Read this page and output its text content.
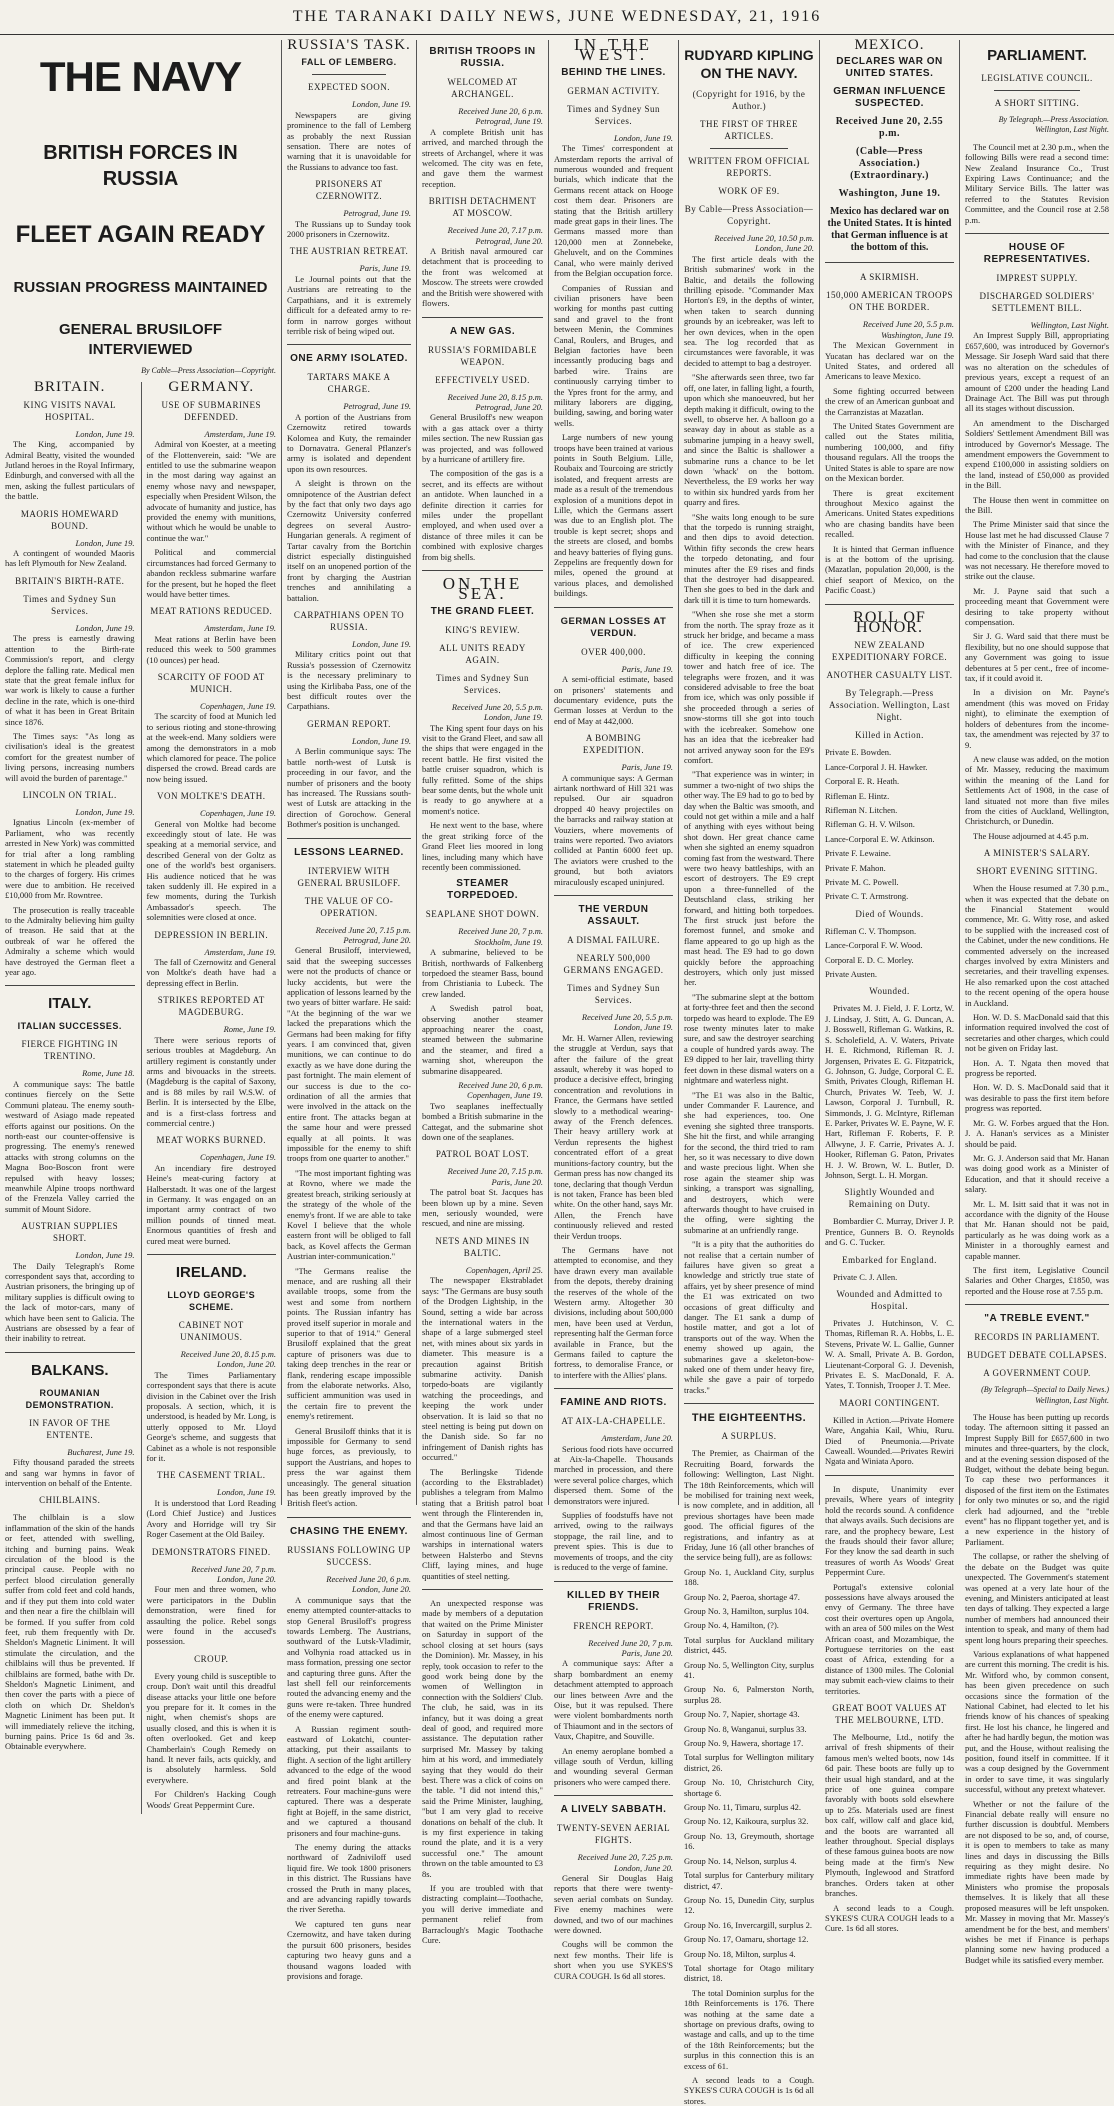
THE TARANAKI DAILY NEWS, JUNE WEDNESDAY, 21, 1916
THE NAVY
BRITISH FORCES IN RUSSIA
FLEET AGAIN READY
RUSSIAN PROGRESS MAINTAINED
GENERAL BRUSILOFF INTERVIEWED
By Cable—Press Association—Copyright.
BRITAIN.
KING VISITS NAVAL HOSPITAL.
London, June 19.

The King, accompanied by Admiral Beatty, visited the wounded Jutland heroes in the Royal Infirmary, Edinburgh, and conversed with all the men, asking the fullest particulars of the battle.

MAORIS HOMEWARD BOUND.
London, June 19.

A contingent of wounded Maoris has left Plymouth for New Zealand.

BRITAIN'S BIRTH-RATE.
Times and Sydney Sun Services.
London, June 19.

The press is earnestly drawing attention to the Birth-rate Commission's report, and clergy deplore the falling rate. Medical men state that the great female influx for war work is likely to cause a further decline in the rate, which is one-third of what it has been in Great Britain since 1876.

The Times says: "As long as civilisation's ideal is the greatest comfort for the greatest number of living persons, increasing numbers will avoid the burden of parentage."

LINCOLN ON TRIAL.
London, June 19.

Ignatius Lincoln (ex-member of Parliament, who was recently arrested in New York) was committed for trial after a long rambling statement in which he pleaded guilty to the charges of forgery. His crimes were due to ambition. He received £10,000 from Mr. Rowntree.

The prosecution is really traceable to the Admiralty believing him guilty of treason. He said that at the outbreak of war he offered the Admiralty a scheme which would have destroyed the German fleet a year ago.

ITALY.
ITALIAN SUCCESSES.
FIERCE FIGHTING IN TRENTINO.
Rome, June 18.

A communique says: The battle continues fiercely on the Sette Communi plateau. The enemy south-westward of Asiago made repeated efforts against our positions. On the north-east our counter-offensive is progressing. The enemy's renewed attacks with strong columns on the Magna Boo-Boscon front were repulsed with heavy losses; meanwhile Alpine troops northward of the Frenzela Valley carried the summit of Mount Sidore.

AUSTRIAN SUPPLIES SHORT.
London, June 19.

The Daily Telegraph's Rome correspondent says that, according to Austrian prisoners, the bringing up of military supplies is difficult owing to the lack of motor-cars, many of which have been sent to Galicia. The Austrians are obsessed by a fear of their inability to retreat.

BALKANS.
ROUMANIAN DEMONSTRATION.
IN FAVOR OF THE ENTENTE.
Bucharest, June 19.

Fifty thousand paraded the streets and sang war hymns in favor of intervention on behalf of the Entente.

CHILBLAINS.

The chilblain is a slow inflammation of the skin of the hands or feet, attended with swelling, itching and burning pains. Weak circulation of the blood is the principal cause. People with no perfect blood circulation generally suffer from cold feet and cold hands, and if they put them into cold water and then near a fire the chilblain will be formed. If you suffer from cold feet, rub them frequently with Dr. Sheldon's Magnetic Liniment. It will stimulate the circulation, and the chilblains will thus be prevented. If chilblains are formed, bathe with Dr. Sheldon's Magnetic Liniment, and then cover the parts with a piece of cloth on which Dr. Sheldon's Magnetic Liniment has been put. It will immediately relieve the itching, burning pains. Price 1s 6d and 3s. Obtainable everywhere.

GERMANY.
USE OF SUBMARINES DEFENDED.
Amsterdam, June 19.

Admiral von Koester, at a meeting of the Flottenverein, said: "We are entitled to use the submarine weapon in the most daring way against an enemy whose navy and newspaper, especially when President Wilson, the advocate of humanity and justice, has provided the enemy with munitions, without which he would be unable to continue the war."

Political and commercial circumstances had forced Germany to abandon reckless submarine warfare for the present, but he hoped the fleet would have better times.

MEAT RATIONS REDUCED.
Amsterdam, June 19.

Meat rations at Berlin have been reduced this week to 500 grammes (10 ounces) per head.

SCARCITY OF FOOD AT MUNICH.
Copenhagen, June 19.

The scarcity of food at Munich led to serious rioting and stone-throwing at the week-end. Many soldiers were among the demonstrators in a mob which clamored for peace. The police dispersed the crowd. Bread cards are now being issued.

VON MOLTKE'S DEATH.
Copenhagen, June 19.

General von Moltke had become exceedingly stout of late. He was speaking at a memorial service, and described General von der Goltz as one of the world's best organisers. His audience noticed that he was taken suddenly ill. He expired in a few moments, during the Turkish Ambassador's speech. The solemnities were closed at once.

DEPRESSION IN BERLIN.
Amsterdam, June 19.

The fall of Czernowitz and General von Moltke's death have had a depressing effect in Berlin.

STRIKES REPORTED AT MAGDEBURG.
Rome, June 19.

There were serious reports of serious troubles at Magdeburg. An artillery regiment is constantly under arms and bivouacks in the streets. (Magdeburg is the capital of Saxony, and is 88 miles by rail W.S.W. of Berlin. It is intersected by the Elbe, and is a first-class fortress and commercial centre.)

MEAT WORKS BURNED.
Copenhagen, June 19.

An incendiary fire destroyed Heine's meat-curing factory at Halberstadt. It was one of the largest in Germany. It was engaged on an important army contract of two million pounds of tinned meat. Enormous quantities of fresh and cured meat were burned.

IRELAND.
LLOYD GEORGE'S SCHEME.
CABINET NOT UNANIMOUS.
Received June 20, 8.15 p.m.
London, June 20.

The Times Parliamentary correspondent says that there is acute division in the Cabinet over the Irish proposals. A section, which, it is understood, is headed by Mr. Long, is utterly opposed to Mr. Lloyd George's scheme, and suggests that Cabinet as a whole is not responsible for it.

THE CASEMENT TRIAL.
London, June 19.

It is understood that Lord Reading (Lord Chief Justice) and Justices Avory and Horridge will try Sir Roger Casement at the Old Bailey.

DEMONSTRATORS FINED.
Received June 20, 7 p.m.
London, June 20.

Four men and three women, who were participators in the Dublin demonstration, were fined for assaulting the police. Rebel songs were found in the accused's possession.

CROUP.

Every young child is susceptible to croup. Don't wait until this dreadful disease attacks your little one before you prepare for it. It comes in the night, when chemist's shops are usually closed, and this is when it is often overlooked. Get and keep Chamberlain's Cough Remedy on hand. It never fails, acts quickly, and is absolutely harmless. Sold everywhere.

For Children's Hacking Cough Woods' Great Peppermint Cure.

RUSSIA'S TASK.
FALL OF LEMBERG.
EXPECTED SOON.
London, June 19.

Newspapers are giving prominence to the fall of Lemberg as probably the next Russian sensation. There are notes of warning that it is unavoidable for the Russians to advance too fast.

PRISONERS AT CZERNOWITZ.
Petrograd, June 19.

The Russians up to Sunday took 2000 prisoners in Czernowitz.

THE AUSTRIAN RETREAT.
Paris, June 19.

Le Journal points out that the Austrians are retreating to the Carpathians, and it is extremely difficult for a defeated army to re-form in narrow gorges without terrible risk of being wiped out.

ONE ARMY ISOLATED.
TARTARS MAKE A CHARGE.
Petrograd, June 19.

A portion of the Austrians from Czernowitz retired towards Kolomea and Kuty, the remainder to Dornavatra. General Pflanzer's army is isolated and dependent upon its own resources.

A sleight is thrown on the omnipotence of the Austrian defect by the fact that only two days ago Czernowitz University conferred degrees on several Austro-Hungarian generals. A regiment of Tartar cavalry from the Bortchin district especially distinguished itself on an unopened portion of the front by charging the Austrian trenches and annihilating a battalion.

CARPATHIANS OPEN TO RUSSIA.
London, June 19.

Military critics point out that Russia's possession of Czernowitz is the necessary preliminary to using the Kirlibaba Pass, one of the best difficult routes over the Carpathians.

GERMAN REPORT.
London, June 19.

A Berlin communique says: The battle north-west of Lutsk is proceeding in our favor, and the number of prisoners and the booty has increased. The Russians south-west of Lutsk are attacking in the direction of Gorochow. General Bothmer's position is unchanged.

LESSONS LEARNED.
INTERVIEW WITH GENERAL BRUSILOFF.
THE VALUE OF CO-OPERATION.
Received June 20, 7.15 p.m.
Petrograd, June 20.

General Brusiloff, interviewed, said that the sweeping successes were not the products of chance or lucky accidents, but were the application of lessons learned by the two years of bitter warfare. He said: "At the beginning of the war we lacked the preparations which the Germans had been making for fifty years. I am convinced that, given munitions, we can continue to do exactly as we have done during the past fortnight. The main element of our success is due to the co-ordination of all the armies that were involved in the attack on the entire front. The attacks began at the same hour and were pressed equally at all points. It was impossible for the enemy to shift troops from one quarter to another."

"The most important fighting was at Rovno, where we made the greatest breach, striking seriously at the strategy of the whole of the enemy's front. If we are able to take Kovel I believe that the whole eastern front will be obliged to fall back, as Kovel affects the German Austrian inter-communication."

"The Germans realise the menace, and are rushing all their available troops, some from the west and some from northern points. The Russian infantry has proved itself superior in morale and superior to that of 1914." General Brusiloff explained that the great capture of prisoners was due to taking deep trenches in the rear or flank, rendering escape impossible from the elaborate networks. Also, sufficient ammunition was used in the certain fire to prevent the enemy's retirement.

General Brusiloff thinks that it is impossible for Germany to send huge forces, as previously, to support the Austrians, and hopes to press the war against them unceasingly. The general situation has been greatly improved by the British fleet's action.

CHASING THE ENEMY.
RUSSIANS FOLLOWING UP SUCCESS.
Received June 20, 6 p.m.
London, June 20.

A communique says that the enemy attempted counter-attacks to stop General Brusiloff's progress towards Lemberg. The Austrians, southward of the Lutsk-Vladimir, and Volhynia road attacked us in mass formation, pressing one sector and capturing three guns. After the last shell fell our reinforcements routed the advancing enemy and the guns were re-taken. Three hundred of the enemy were captured.

A Russian regiment south-eastward of Lokatchi, counter-attacking, put their assailants to flight. A section of the light artillery advanced to the edge of the wood and fired point blank at the retreaters. Four machine-guns were captured. There was a desperate fight at Bojeff, in the same district, and we captured a thousand prisoners and four machine-guns.

The enemy during the attacks northward of Zadniviloff used liquid fire. We took 1800 prisoners in this district. The Russians have crossed the Pruth in many places, and are advancing rapidly towards the river Seretha.

We captured ten guns near Czernowitz, and have taken during the pursuit 600 prisoners, besides capturing two heavy guns and a thousand wagons loaded with provisions and forage.

BRITISH TROOPS IN RUSSIA.
WELCOMED AT ARCHANGEL.
Received June 20, 6 p.m.
Petrograd, June 19.

A complete British unit has arrived, and marched through the streets of Archangel, where it was welcomed. The city was en fete, and gave them the warmest reception.

BRITISH DETACHMENT AT MOSCOW.
Received June 20, 7.17 p.m.
Petrograd, June 20.

A British naval armoured car detachment that is proceeding to the front was welcomed at Moscow. The streets were crowded and the British were showered with flowers.

A NEW GAS.
RUSSIA'S FORMIDABLE WEAPON.
EFFECTIVELY USED.
Received June 20, 8.15 p.m.
Petrograd, June 20.

General Brusiloff's new weapon with a gas attack over a thirty miles section. The new Russian gas was projected, and was followed by a hurricane of artillery fire.

The composition of the gas is a secret, and its effects are without an antidote. When launched in a definite direction it carries for miles under the propellant employed, and when used over a distance of three miles it can be combined with explosive charges from big shells.

ON THE SEA.
THE GRAND FLEET.
KING'S REVIEW.
ALL UNITS READY AGAIN.
Times and Sydney Sun Services.
Received June 20, 5.5 p.m.
London, June 19.

The King spent four days on his visit to the Grand Fleet, and saw all the ships that were engaged in the recent battle. He first visited the battle cruiser squadron, which is fully refitted. Some of the ships bear some dents, but the whole unit is ready to go anywhere at a moment's notice.

He next went to the base, where the great striking force of the Grand Fleet lies moored in long lines, including many which have recently been commissioned.

STEAMER TORPEDOED.
SEAPLANE SHOT DOWN.
Received June 20, 7 p.m.
Stockholm, June 19.

A submarine, believed to be British, northwards of Falkenberg torpedoed the steamer Bass, bound from Christiania to Lubeck. The crew landed.

A Swedish patrol boat, observing another steamer approaching nearer the coast, steamed between the submarine and the steamer, and fired a warning shot, whereupon the submarine disappeared.

Received June 20, 6 p.m.
Copenhagen, June 19.

Two seaplanes ineffectually bombed a British submarine in the Cattegat, and the submarine shot down one of the seaplanes.

PATROL BOAT LOST.
Received June 20, 7.15 p.m.
Paris, June 20.

The patrol boat St. Jacques has been blown up by a mine. Seven men, seriously wounded, were rescued, and nine are missing.

NETS AND MINES IN BALTIC.
Copenhagen, April 25.

The newspaper Ekstrabladet says: "The Germans are busy south of the Drodgen Lightship, in the Sound, setting a wide bar across the international waters in the shape of a large submerged steel net, with mines about six yards in diameter. This measure is a precaution against British submarine activity. Danish torpedo-boats are vigilantly watching the proceedings, and keeping the work under observation. It is laid so that no steel netting is being put down on the Danish side. So far no infringement of Danish rights has occurred."

The Berlingske Tidende (according to the Ekstrabladet) publishes a telegram from Malmo stating that a British patrol boat went through the Flinterenden in, and that the Germans have laid an almost continuous line of German warships in international waters between Halsterbo and Stevns Cliff, laying mines, and huge quantities of steel netting.

An unexpected response was made by members of a deputation that waited on the Prime Minister on Saturday in support of the school closing at set hours (says the Dominion). Mr. Massey, in his reply, took occasion to refer to the good work being done by the women of Wellington in connection with the Soldiers' Club. The club, he said, was in its infancy, but it was doing a great deal of good, and required more assistance. The deputation rather surprised Mr. Massey by taking him at his word, and immediately saying that they would do their best. There was a click of coins on the table. "I did not intend this," said the Prime Minister, laughing, "but I am very glad to receive donations on behalf of the club. It is my first experience in taking round the plate, and it is a very successful one." The amount thrown on the table amounted to £3 8s.

If you are troubled with that distracting complaint—Toothache, you will derive immediate and permanent relief from Barraclough's Magic Toothache Cure.

IN THE WEST.
BEHIND THE LINES.
GERMAN ACTIVITY.
Times and Sydney Sun Services.
London, June 19.

The Times' correspondent at Amsterdam reports the arrival of numerous wounded and frequent burials, which indicate that the Germans recent attack on Hooge cost them dear. Prisoners are stating that the British artillery made great gaps in their lines. The Germans massed more than 120,000 men at Zonnebeke, Gheluvelt, and on the Commines Canal, who were mainly derived from the Belgian occupation force.

Companies of Russian and civilian prisoners have been working for months past cutting sand and gravel to the front between Menin, the Commines Canal, Roulers, and Bruges, and Belgian factories have been incessantly producing bags and barbed wire. Trains are continuously carrying timber to the Ypres front for the army, and military laborers are digging, building, sawing, and boring water wells.

Large numbers of new young troops have been trained at various points in South Belgium. Lille, Roubaix and Tourcoing are strictly isolated, and frequent arrests are made as a result of the tremendous explosion of a munitions depot in Lille, which the Germans assert was due to an English plot. The trouble is kept secret; shops and the streets are closed, and bombs and heavy batteries of flying guns. Zeppelins are frequently down for miles, opened the ground at various places, and demolished buildings.

GERMAN LOSSES AT VERDUN.
OVER 400,000.
Paris, June 19.

A semi-official estimate, based on prisoners' statements and documentary evidence, puts the German losses at Verdun to the end of May at 442,000.

A BOMBING EXPEDITION.
Paris, June 19.

A communique says: A German airtank northward of Hill 321 was repulsed. Our air squadron dropped 40 heavy projectiles on the barracks and railway station at Vouziers, where movements of trains were reported. Two aviators collided at Pantin 6000 feet up. The aviators were crushed to the ground, but both aviators miraculously escaped uninjured.

THE VERDUN ASSAULT.
A DISMAL FAILURE.
NEARLY 500,000 GERMANS ENGAGED.
Times and Sydney Sun Services.
Received June 20, 5.5 p.m.
London, June 19.

Mr. H. Warner Allen, reviewing the struggle at Verdun, says that after the failure of the great assault, whereby it was hoped to produce a decisive effect, bringing concentration and revolutions in France, the Germans have settled slowly to a methodical wearing-away of the French defences. Their heavy artillery work at Verdun represents the highest concentrated effort of a great munitions-factory country, but the German press has now changed its tone, declaring that though Verdun is not taken, France has been bled white. On the other hand, says Mr. Allen, the French have continuously relieved and rested their Verdun troops.

The Germans have not attempted to economise, and they have drawn every man available from the depots, thereby draining the reserves of the whole of the Western army. Altogether 30 divisions, including about 500,000 men, have been used at Verdun, representing half the German force available in France, but the Germans failed to capture the fortress, to demoralise France, or to interfere with the Allies' plans.

FAMINE AND RIOTS.
AT AIX-LA-CHAPELLE.
Amsterdam, June 20.

Serious food riots have occurred at Aix-la-Chapelle. Thousands marched in procession, and there were several police charges, which dispersed them. Some of the demonstrators were injured.

Supplies of foodstuffs have not arrived, owing to the railways stoppage, the rail line, and to prevent spies. This is due to movements of troops, and the city is reduced to the verge of famine.

KILLED BY THEIR FRIENDS.
FRENCH REPORT.
Received June 20, 7 p.m.
Paris, June 20.

A communique says: After a sharp bombardment an enemy detachment attempted to approach our lines between Avre and the Oise, but it was repulsed. There were violent bombardments north of Thiaumont and in the sectors of Vaux, Chapitre, and Souville.

An enemy aeroplane bombed a village south of Verdun, killing and wounding several German prisoners who were camped there.

A LIVELY SABBATH.
TWENTY-SEVEN AERIAL FIGHTS.
Received June 20, 7.25 p.m.
London, June 20.

General Sir Douglas Haig reports that there were twenty-seven aerial combats on Sunday. Five enemy machines were downed, and two of our machines were downed.

Coughs will be common the next few months. Their life is short when you use SYKES'S CURA COUGH. Is 6d all stores.

RUDYARD KIPLING ON THE NAVY.
(Copyright for 1916, by the Author.)
THE FIRST OF THREE ARTICLES.
WRITTEN FROM OFFICIAL REPORTS.
WORK OF E9.
By Cable—Press Association—Copyright.
Received June 20, 10.50 p.m.
London, June 20.

The first article deals with the British submarines' work in the Baltic, and details the following thrilling episode. "Commander Max Horton's E9, in the depths of winter, when taken to search dunning grounds by an icebreaker, was left to her own devices, when in the open sea. The log recorded that as circumstances were favorable, it was decided to attempt to bag a destroyer.

"She afterwards seen three, two far off, one later, in falling light, a fourth, upon which she manoeuvred, but her depth making it difficult, owing to the swell, to observe her. A balloon go a seaway day in about as stable as a submarine jumping in a heavy swell, and since the Baltic is shallower a submarine runs a chance to be let down 'whack' on the bottom. Nevertheless, the E9 works her way to within six hundred yards from her quarry and fires.

"She waits long enough to be sure that the torpedo is running straight, and then dips to avoid detection. Within fifty seconds the crew hears the torpedo detonating, and four minutes after the E9 rises and finds that the destroyer had disappeared. Then she goes to bed in the dark and dark till it is time to turn homewards.

"When she rose she met a storm from the north. The spray froze as it struck her bridge, and became a mass of ice. The crew experienced difficulty in keeping the conning tower and hatch free of ice. The telegraphs were frozen, and it was considered advisable to free the boat from ice, which was only possible if she proceeded through a series of snow-storms till she got into touch with the icebreaker. Somehow one has an idea that the icebreaker had not arrived anyway soon for the E9's comfort.

"That experience was in winter; in summer a two-night of two ships the other way. The E9 had to go to bed by day when the Baltic was smooth, and could not get within a mile and a half of anything with eyes without being shot down. Her great chance came when she sighted an enemy squadron coming fast from the westward. There were two heavy battleships, with an escort of destroyers. The E9 crept upon a three-funnelled of the Deutschland class, striking her forward, and hitting both torpedoes. The first struck just before the foremost funnel, and smoke and flame appeared to go up high as the mast head. The E9 had to go down quickly before the approaching destroyers, which only just missed her.

"The submarine slept at the bottom at forty-three feet and then the second torpedo was heard to explode. The E9 rose twenty minutes later to make sure, and saw the destroyer searching a couple of hundred yards away. The E9 dipped to her lair, travelling thirty feet down in these dismal waters on a nightmare and waterless night.

"The E1 was also in the Baltic, under Commander F. Laurence, and she had experiences, too. One evening she sighted three transports. She hit the first, and while arranging for the second, the third tried to ram her, so it was necessary to dive down and waste precious light. When she rose again the steamer ship was sinking, a transport was signalling, and destroyers, which were afterwards thought to have cruised in the offing, were sighting the submarine at an unfriendly range.

"It is a pity that the authorities do not realise that a certain number of failures have given so great a knowledge and strictly true state of affairs, yet by sheer presence of mind the E1 was extricated on two occasions of great difficulty and danger. The E1 sank a dump of hostile matter, and got a lot of transports out of the way. When the enemy showed up again, the submarines gave a skeleton-bow-naked one of them under heavy fire, while she gave a pair of torpedo tracks."

THE EIGHTEENTHS.
A SURPLUS.

The Premier, as Chairman of the Recruiting Board, forwards the following: Wellington, Last Night. The 18th Reinforcements, which will be mobilised for training next week, is now complete, and in addition, all previous shortages have been made good. The official figures of the registrations, and infantry as at Friday, June 16 (all other branches of the service being full), are as follows:

Group No. 1, Auckland City, surplus 188.

Group No. 2, Paeroa, shortage 47.

Group No. 3, Hamilton, surplus 104.

Group No. 4, Hamilton, (?).

Total surplus for Auckland military district, 445.

Group No. 5, Wellington City, surplus 41.

Group No. 6, Palmerston North, surplus 28.

Group No. 7, Napier, shortage 43.

Group No. 8, Wanganui, surplus 33.

Group No. 9, Hawera, shortage 17.

Total surplus for Wellington military district, 26.

Group No. 10, Christchurch City, shortage 6.

Group No. 11, Timaru, surplus 42.

Group No. 12, Kaikoura, surplus 32.

Group No. 13, Greymouth, shortage 16.

Group No. 14, Nelson, surplus 4.

Total surplus for Canterbury military district, 47.

Group No. 15, Dunedin City, surplus 12.

Group No. 16, Invercargill, surplus 2.

Group No. 17, Oamaru, shortage 12.

Group No. 18, Milton, surplus 4.

Total shortage for Otago military district, 18.

The total Dominion surplus for the 18th Reinforcements is 176. There was nothing at the same date a shortage on previous drafts, owing to wastage and calls, and up to the time of the 18th Reinforcements; but the surplus in this connection this is an excess of 61.

A second leads to a Cough. SYKES'S CURA COUGH is 1s 6d all stores.

MEXICO.
DECLARES WAR ON UNITED STATES.
GERMAN INFLUENCE SUSPECTED.
Received June 20, 2.55 p.m.
(Cable—Press Association.) (Extraordinary.)
Washington, June 19.

Mexico has declared war on the United States. It is hinted that German influence is at the bottom of this.

A SKIRMISH.
150,000 AMERICAN TROOPS ON THE BORDER.
Received June 20, 5.5 p.m.
Washington, June 19.

The Mexican Government in Yucatan has declared war on the United States, and ordered all Americans to leave Mexico.

Some fighting occurred between the crew of an American gunboat and the Carranzistas at Mazatlan.

The United States Government are called out the States militia, numbering 100,000, and fifty thousand regulars. All the troops the United States is able to spare are now on the Mexican border.

There is great excitement throughout Mexico against the Americans. United States expeditions who are chasing bandits have been recalled.

It is hinted that German influence is at the bottom of the uprising. (Mazatlan, population 20,000, is the chief seaport of Mexico, on the Pacific Coast.)

ROLL OF HONOR.
NEW ZEALAND EXPEDITIONARY FORCE.
ANOTHER CASUALTY LIST.
By Telegraph.—Press Association. Wellington, Last Night.
Killed in Action.

Private E. Bowden.

Lance-Corporal J. H. Hawker.

Corporal E. R. Heath.

Rifleman E. Hintz.

Rifleman N. Litchen.

Rifleman G. H. V. Wilson.

Lance-Corporal E. W. Atkinson.

Private F. Lewaine.

Private F. Mahon.

Private M. C. Powell.

Private C. T. Armstrong.

Died of Wounds.

Rifleman C. V. Thompson.

Lance-Corporal F. W. Wood.

Corporal E. D. C. Morley.

Private Austen.

Wounded.

Privates M. J. Field, J. F. Lortz, W. J. Lindsay, J. Stitt, A. G. Duncan, A. J. Bosswell, Rifleman G. Watkins, R. S. Scholefield, A. V. Waters, Private H. E. Richmond, Rifleman R. J. Jorgensen, Privates E. G. Fitzpatrick, G. Johnson, G. Judge, Corporal C. E. Smith, Privates Clough, Rifleman H. Church, Privates W. Teeb, W. J. Lawson, Corporal J. Turnbull, R. Simmonds, J. G. McIntyre, Rifleman E. Parker, Privates W. E. Payne, W. F. Hart, Rifleman F. Roberts, F. P. Allwyne, J. F. Carrie, Privates A. J. Hooker, Rifleman G. Paton, Privates H. J. W. Brown, W. L. Butler, D. Johnson, Sergt. L. H. Morgan.

Slightly Wounded and Remaining on Duty.

Bombardier C. Murray, Driver J. P. Prentice, Gunners B. O. Reynolds and G. C. Tucker.

Embarked for England.

Private C. J. Allen.

Wounded and Admitted to Hospital.

Privates J. Hutchinson, V. C. Thomas, Rifleman R. A. Hobbs, L. E. Stevens, Private W. L. Gallie, Gunner W. A. Small, Private A. B. Gordon, Lieutenant-Corporal G. J. Devenish, Privates E. S. MacDonald, F. A. Yates, T. Tonnish, Trooper J. T. Mee.

MAORI CONTINGENT.

Killed in Action.—Private Homere Ware, Angahia Kail, Whiu, Ruru. Died of Pneumonia.—Private Caweall. Wounded.—Privates Rewiri Ngata and Winiata Aporo.

In dispute, Unanimity ever prevails, Where years of integrity hold the records sound. A confidence that always avails. Such decisions are rare, and the prophecy beware, Lest the frauds should their favor allure; For they know the sad dearth in such treasures of worth As Woods' Great Peppermint Cure.

Portugal's extensive colonial possessions have always aroused the envy of Germany. The three have cost their overtures open up Angola, with an area of 500 miles on the West African coast, and Mozambique, the Portuguese territories on the east coast of Africa, extending for a distance of 1300 miles. The Colonial may submit each-view claims to their territories.

GREAT BOOT VALUES AT THE MELBOURNE, LTD.

The Melbourne, Ltd., notify the arrival of fresh shipments of their famous men's welted boots, now 14s 6d pair. These boots are fully up to their usual high standard, and at the price of one guinea compare favorably with boots sold elsewhere up to 25s. Materials used are finest box calf, willow calf and glace kid, and the boots are warranted all leather throughout. Special displays of these famous guinea boots are now being made at the firm's New Plymouth, Inglewood and Stratford branches. Orders taken at other branches.

A second leads to a Cough. SYKES'S CURA COUGH leads to a Cure. 1s 6d all stores.

PARLIAMENT.
LEGISLATIVE COUNCIL.
A SHORT SITTING.
By Telegraph.—Press Association. Wellington, Last Night.

The Council met at 2.30 p.m., when the following Bills were read a second time: New Zealand Insurance Co., Trust Expiring Laws Continuance; and the Military Service Bills. The latter was referred to the Statutes Revision Committee, and the Council rose at 2.58 p.m.

HOUSE OF REPRESENTATIVES.
IMPREST SUPPLY.
DISCHARGED SOLDIERS' SETTLEMENT BILL.
Wellington, Last Night.

An Imprest Supply Bill, appropriating £657,600, was introduced by Governor's Message. Sir Joseph Ward said that there was no alteration on the schedules of previous years, except a request of an amount of £200 under the heading Land Drainage Act. The Bill was put through all its stages without discussion.

An amendment to the Discharged Soldiers' Settlement Amendment Bill was introduced by Governor's Message. The amendment empowers the Government to expend £100,000 in assisting soldiers on the land, instead of £50,000 as provided in the Bill.

The House then went in committee on the Bill.

The Prime Minister said that since the House last met he had discussed Clause 7 with the Minister of Finance, and they had come to the conclusion that the clause was not necessary. He therefore moved to strike out the clause.

Mr. J. Payne said that such a proceeding meant that Government were desiring to take property without compensation.

Sir J. G. Ward said that there must be flexibility, but no one should suppose that any Government was going to issue debentures at 5 per cent., free of income-tax, if it could avoid it.

In a division on Mr. Payne's amendment (this was moved on Friday night), to eliminate the exemption of holders of debentures from the income-tax, the amendment was rejected by 37 to 9.

A new clause was added, on the motion of Mr. Massey, reducing the maximum within the meaning of the Land for Settlements Act of 1908, in the case of land situated not more than five miles from the cities of Auckland, Wellington, Christchurch, or Dunedin.

The House adjourned at 4.45 p.m.

A MINISTER'S SALARY.
SHORT EVENING SITTING.

When the House resumed at 7.30 p.m., when it was expected that the debate on the Financial Statement would commence, Mr. G. Witty rose, and asked to be supplied with the increased cost of the Cabinet, under the new conditions. He commented adversely on the increased charges involved by extra Ministers and secretaries, and their travelling expenses. He also remarked upon the cost attached to the recent opening of the opera house in Auckland.

Hon. W. D. S. MacDonald said that this information required involved the cost of secretaries and other charges, which could not be given on Friday last.

Hon. A. T. Ngata then moved that progress be reported.

Hon. W. D. S. MacDonald said that it was desirable to pass the first item before progress was reported.

Mr. G. W. Forbes argued that the Hon. J. A. Hanan's services as a Minister should be paid.

Mr. G. J. Anderson said that Mr. Hanan was doing good work as a Minister of Education, and that it should receive a salary.

Mr. L. M. Isitt said that it was not in accordance with the dignity of the House that Mr. Hanan should not be paid, particularly as he was doing work as a Minister in a thoroughly earnest and capable manner.

The first item, Legislative Council Salaries and Other Charges, £1850, was reported and the House rose at 7.55 p.m.

"A TREBLE EVENT."
RECORDS IN PARLIAMENT.
BUDGET DEBATE COLLAPSES.
A GOVERNMENT COUP.
(By Telegraph—Special to Daily News.) Wellington, Last Night.

The House has been putting up records today. The afternoon sitting it passed an Imprest Supply Bill for £657,600 in two minutes and three-quarters, by the clock, and at the evening session disposed of the Budget, without the debate being begun. To cap these two performances it disposed of the first item on the Estimates for only two minutes or so, and the rigid clerk had adjourned, and the "treble event" has no flippant together yet, and is a new experience in the history of Parliament.

The collapse, or rather the shelving of the debate on the Budget was quite unexpected. The Government's statement was opened at a very late hour of the evening, and Ministers anticipated at least ten days of talking. They expected a large number of members had announced their intention to speak, and many of them had spent long hours preparing their speeches.

Various explanations of what happened are current this morning. The credit is his. Mr. Witford who, by common consent, has been given precedence on such occasions since the formation of the National Cabinet, had elected to let his friends know of his chances of speaking first. He lost his chance, he lingered and after he had hardly begun, the motion was put, and the House, without realising the position, found itself in committee. If it was a coup designed by the Government in order to save time, it was singularly successful, without any pretext whatever.

Whether or not the failure of the Financial debate really will ensure no further discussion is doubtful. Members are not disposed to be so, and, of course, it is open to members to take as many lines and days in discussing the Bills requiring as they might desire. No immediate rights have been made by Ministers who promise the proposals themselves. It is likely that all these proposed measures will be left unspoken. Mr. Massey in moving that Mr. Massey's amendment be for the best, and members' wishes be met if Finance is perhaps planning some new having produced a Budget while its satisfied every member.
